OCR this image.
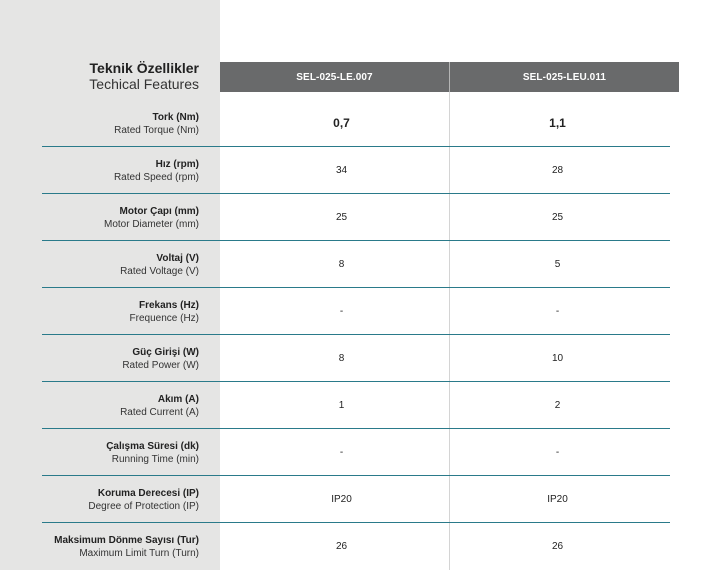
Teknik Özellikler
Techical Features	SEL-025-LE.007	SEL-025-LEU.011
Tork (Nm)
Rated Torque (Nm)
0,7	1,1
Hız (rpm)
Rated Speed (rpm)
34	28
Motor Çapı (mm)
Motor Diameter (mm)
25	25
Voltaj (V)
Rated Voltage (V)
8	5
Frekans (Hz)
Frequence (Hz)
-	-
Güç Girişi (W)
Rated Power (W)
8	10
Akım (A)
Rated Current (A)
1	2
Çalışma Süresi (dk)
Running Time (min)
-	-
Koruma Derecesi (IP)
Degree of Protection (IP)
IP20	IP20
Maksimum Dönme Sayısı (Tur)
Maximum Limit Turn (Turn)
26	26
